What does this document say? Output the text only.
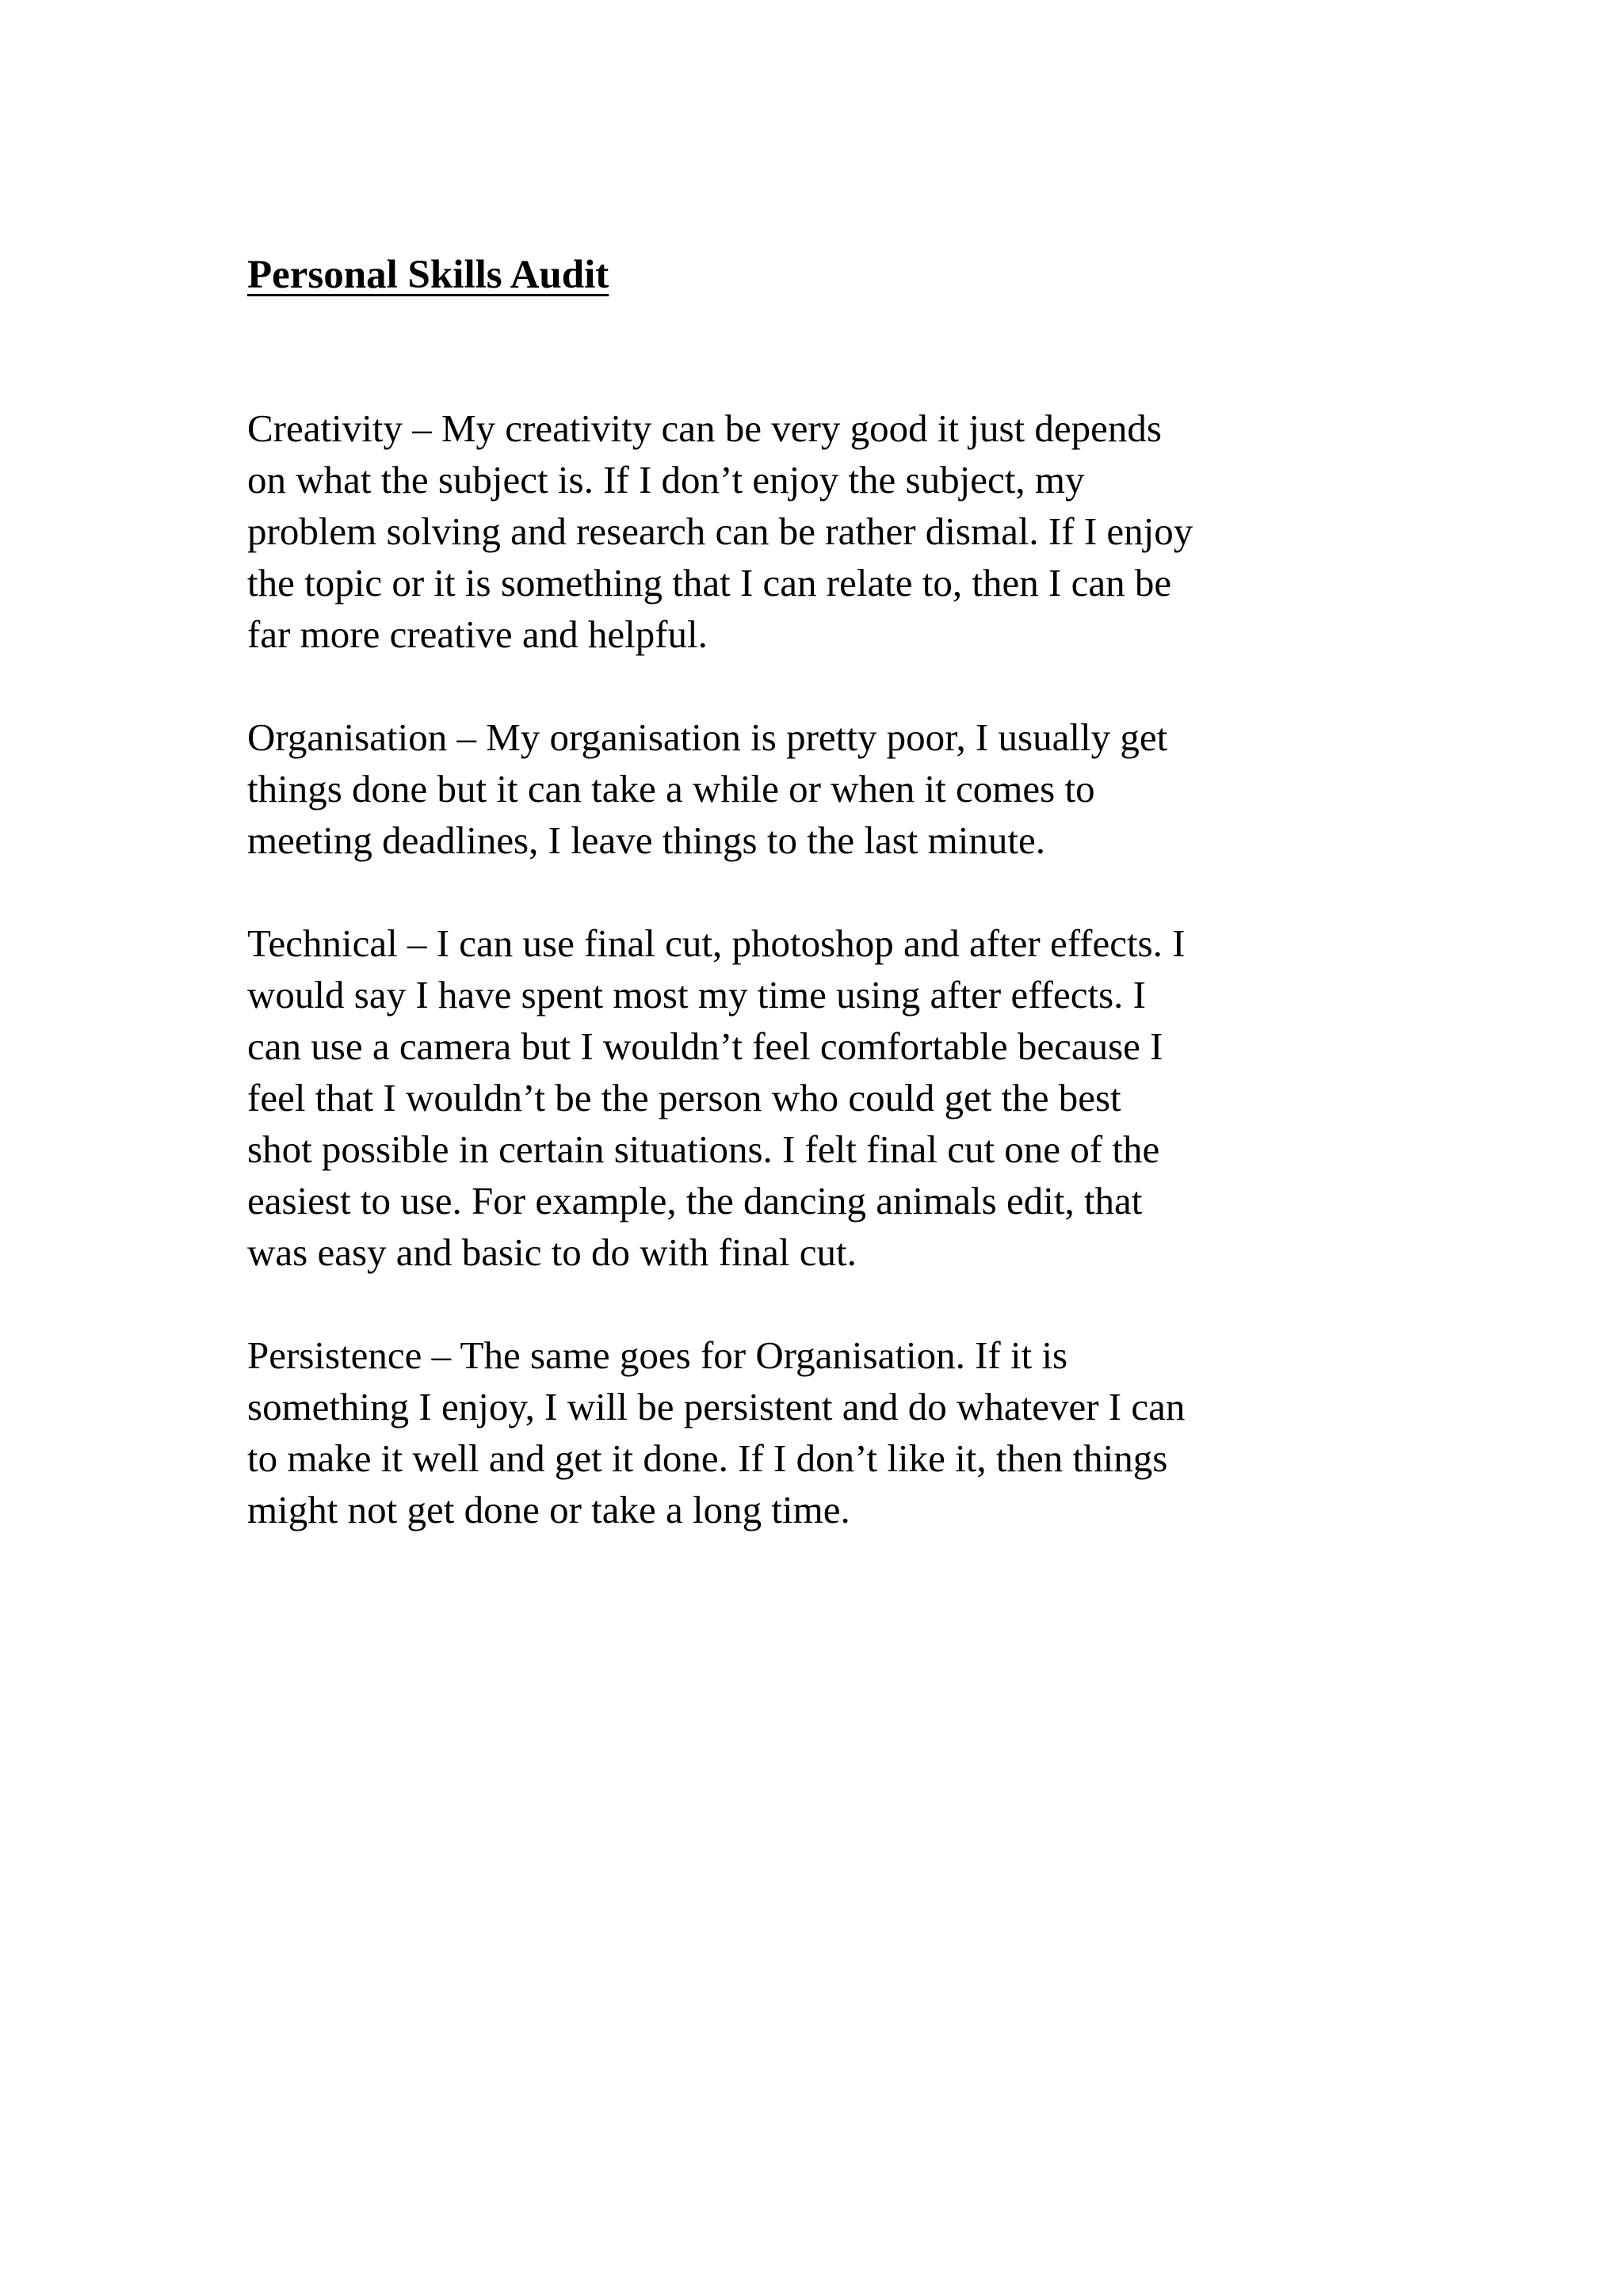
Personal Skills Audit

Creativity – My creativity can be very good it just depends
on what the subject is. If I don’t enjoy the subject, my
problem solving and research can be rather dismal. If I enjoy
the topic or it is something that I can relate to, then I can be
far more creative and helpful.

Organisation – My organisation is pretty poor, I usually get
things done but it can take a while or when it comes to
meeting deadlines, I leave things to the last minute.

Technical – I can use final cut, photoshop and after effects. I
would say I have spent most my time using after effects. I
can use a camera but I wouldn’t feel comfortable because I
feel that I wouldn’t be the person who could get the best
shot possible in certain situations. I felt final cut one of the
easiest to use. For example, the dancing animals edit, that
was easy and basic to do with final cut.

Persistence – The same goes for Organisation. If it is
something I enjoy, I will be persistent and do whatever I can
to make it well and get it done. If I don’t like it, then things
might not get done or take a long time.
